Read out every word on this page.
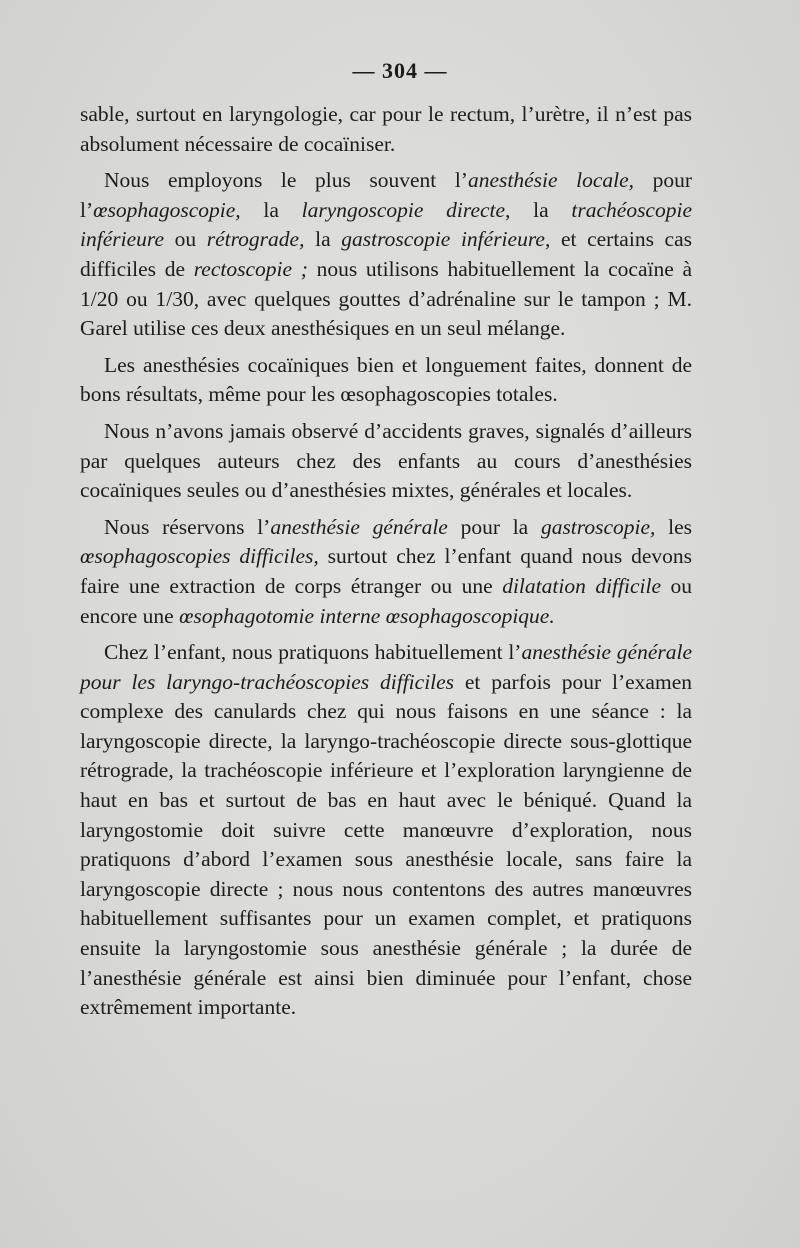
— 304 —

sable, surtout en laryngologie, car pour le rectum, l’urètre, il n’est pas absolument nécessaire de cocaïniser.

Nous employons le plus souvent l’anesthésie locale, pour l’œsophagoscopie, la laryngoscopie directe, la trachéoscopie inférieure ou rétrograde, la gastroscopie inférieure, et certains cas difficiles de rectoscopie ; nous utilisons habituellement la cocaïne à 1/20 ou 1/30, avec quelques gouttes d’adrénaline sur le tampon ; M. Garel utilise ces deux anesthésiques en un seul mélange.

Les anesthésies cocaïniques bien et longuement faites, donnent de bons résultats, même pour les œsophagoscopies totales.

Nous n’avons jamais observé d’accidents graves, signalés d’ailleurs par quelques auteurs chez des enfants au cours d’anesthésies cocaïniques seules ou d’anesthésies mixtes, générales et locales.

Nous réservons l’anesthésie générale pour la gastroscopie, les œsophagoscopies difficiles, surtout chez l’enfant quand nous devons faire une extraction de corps étranger ou une dilatation difficile ou encore une œsophagotomie interne œsophagoscopique.

Chez l’enfant, nous pratiquons habituellement l’anesthésie générale pour les laryngo-trachéoscopies difficiles et parfois pour l’examen complexe des canulards chez qui nous faisons en une séance : la laryngoscopie directe, la laryngo-trachéoscopie directe sous-glottique rétrograde, la trachéoscopie inférieure et l’exploration laryngienne de haut en bas et surtout de bas en haut avec le béniqué. Quand la laryngostomie doit suivre cette manœuvre d’exploration, nous pratiquons d’abord l’examen sous anesthésie locale, sans faire la laryngoscopie directe ; nous nous contentons des autres manœuvres habituellement suffisantes pour un examen complet, et pratiquons ensuite la laryngostomie sous anesthésie générale ; la durée de l’anesthésie générale est ainsi bien diminuée pour l’enfant, chose extrêmement importante.
